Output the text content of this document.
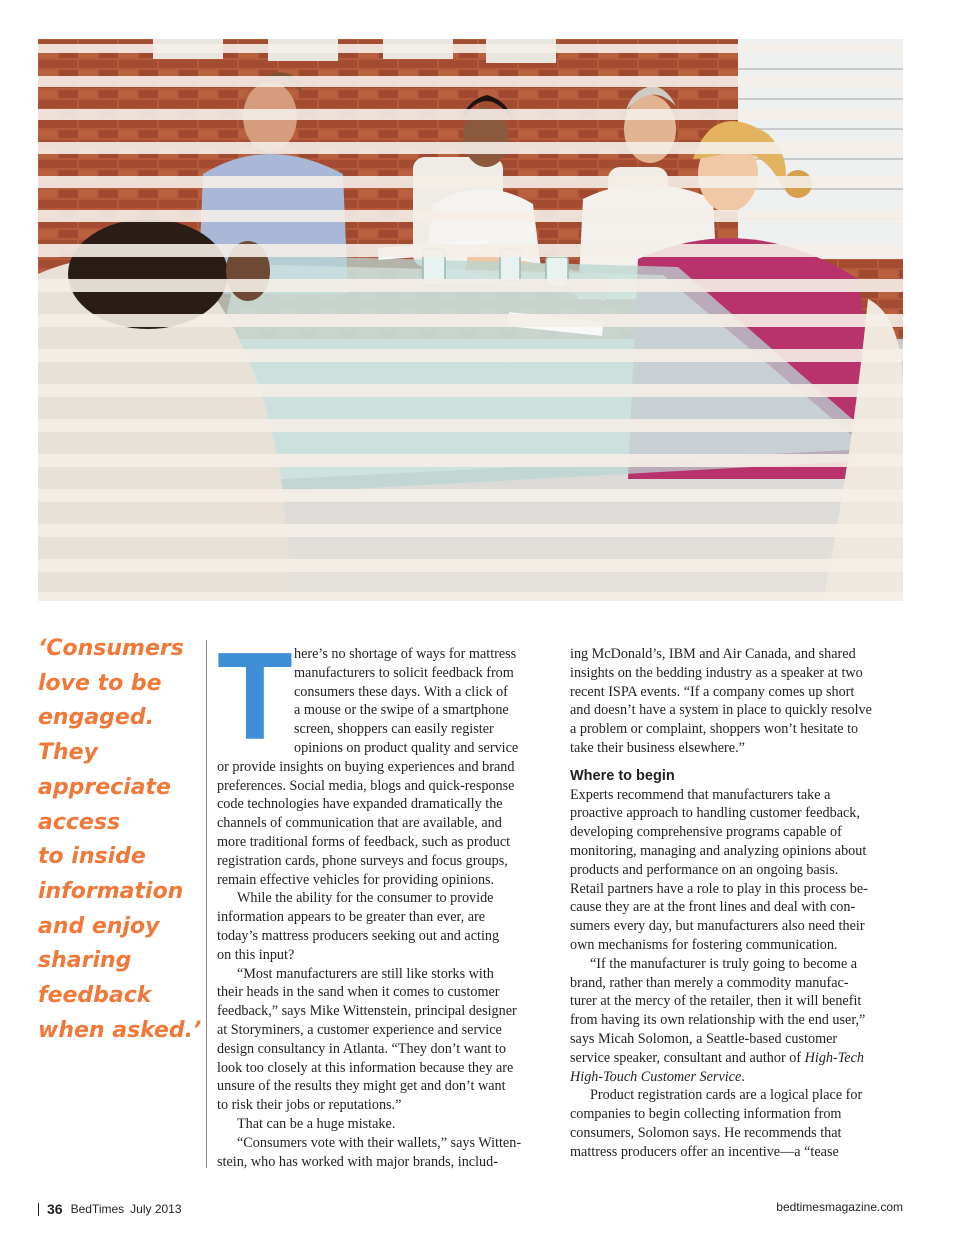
‘Consumers
love to be
engaged.
They
appreciate
access
to inside
information
and enjoy
sharing
feedback
when asked.’
T here’s no shortage of ways for mattress
manufacturers to solicit feedback from
consumers these days. With a click of
a mouse or the swipe of a smartphone
screen, shoppers can easily register
opinions on product quality and service
or provide insights on buying experiences and brand
preferences. Social media, blogs and quick-response
code technologies have expanded dramatically the
channels of communication that are available, and
more traditional forms of feedback, such as product
registration cards, phone surveys and focus groups,
remain effective vehicles for providing opinions.
While the ability for the consumer to provide
information appears to be greater than ever, are
today’s mattress producers seeking out and acting
on this input?
“Most manufacturers are still like storks with
their heads in the sand when it comes to customer
feedback,” says Mike Wittenstein, principal designer
at Storyminers, a customer experience and service
design consultancy in Atlanta. “They don’t want to
look too closely at this information because they are
unsure of the results they might get and don’t want
to risk their jobs or reputations.”
That can be a huge mistake.
“Consumers vote with their wallets,” says Witten-
stein, who has worked with major brands, includ-
ing McDonald’s, IBM and Air Canada, and shared
insights on the bedding industry as a speaker at two
recent ISPA events. “If a company comes up short
and doesn’t have a system in place to quickly resolve
a problem or complaint, shoppers won’t hesitate to
take their business elsewhere.”
Where to begin
Experts recommend that manufacturers take a
proactive approach to handling customer feedback,
developing comprehensive programs capable of
monitoring, managing and analyzing opinions about
products and performance on an ongoing basis.
Retail partners have a role to play in this process be-
cause they are at the front lines and deal with con-
sumers every day, but manufacturers also need their
own mechanisms for fostering communication.
“If the manufacturer is truly going to become a
brand, rather than merely a commodity manufac-
turer at the mercy of the retailer, then it will benefit
from having its own relationship with the end user,”
says Micah Solomon, a Seattle-based customer
service speaker, consultant and author of High-Tech
High-Touch Customer Service.
Product registration cards are a logical place for
companies to begin collecting information from
consumers, Solomon says. He recommends that
mattress producers offer an incentive—a “tease
36 BedTimes July 2013	bedtimesmagazine.com
